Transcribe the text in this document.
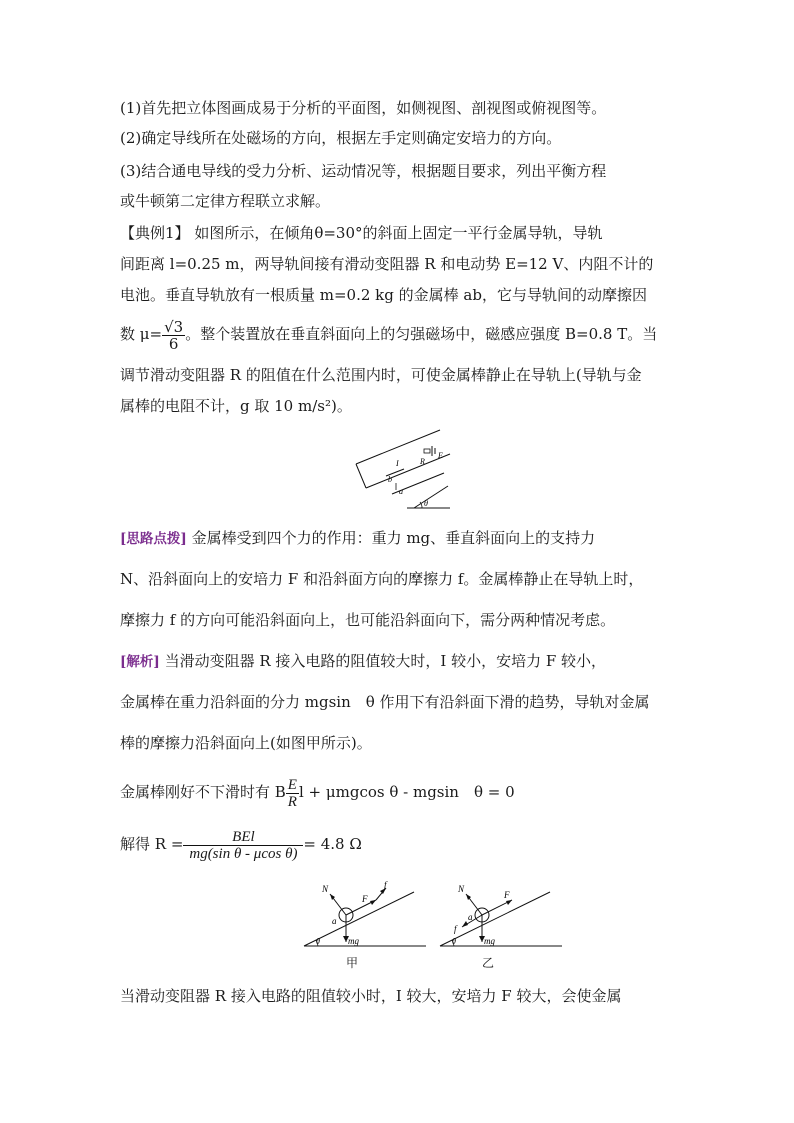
(1)首先把立体图画成易于分析的平面图，如侧视图、剖视图或俯视图等。
(2)确定导线所在处磁场的方向，根据左手定则确定安培力的方向。
(3)结合通电导线的受力分析、运动情况等，根据题目要求，列出平衡方程
或牛顿第二定律方程联立求解。
【典例1】 如图所示，在倾角θ=30°的斜面上固定一平行金属导轨，导轨
间距离 l=0.25 m，两导轨间接有滑动变阻器 R 和电动势 E=12 V、内阻不计的
电池。垂直导轨放有一根质量 m=0.2 kg 的金属棒 ab，它与导轨间的动摩擦因
数 $\mu= \frac{√3}{6}$ 。整个装置放在垂直斜面向上的匀强磁场中，磁感应强度 B=0.8 T。当
调节滑动变阻器 R 的阻值在什么范围内时，可使金属棒静止在导轨上(导轨与金
属棒的电阻不计，g 取 10 m/s²)。
R
E
b
I
a
θ
[思路点拨] 金属棒受到四个力的作用：重力 mg、垂直斜面向上的支持力
N、沿斜面向上的安培力 F 和沿斜面方向的摩擦力 f。金属棒静止在导轨上时，
摩擦力 f 的方向可能沿斜面向上，也可能沿斜面向下，需分两种情况考虑。
[解析] 当滑动变阻器 R 接入电路的阻值较大时，I 较小，安培力 F 较小，
金属棒在重力沿斜面的分力 mgsin　θ 作用下有沿斜面下滑的趋势，导轨对金属
棒的摩擦力沿斜面向上(如图甲所示)。
金属棒刚好不下滑时有 B $\frac{E}{R}$ l + μmgcos θ - mgsin　θ = 0
解得 $R = \frac{\text{BEl}}{\text{mg(sin θ - μcos θ)}} = 4.8$ Ω
N
F
f
a
mg
θ
甲
N
F
f
a
mg
θ
乙
当滑动变阻器 R 接入电路的阻值较小时，I 较大，安培力 F 较大，会使金属
